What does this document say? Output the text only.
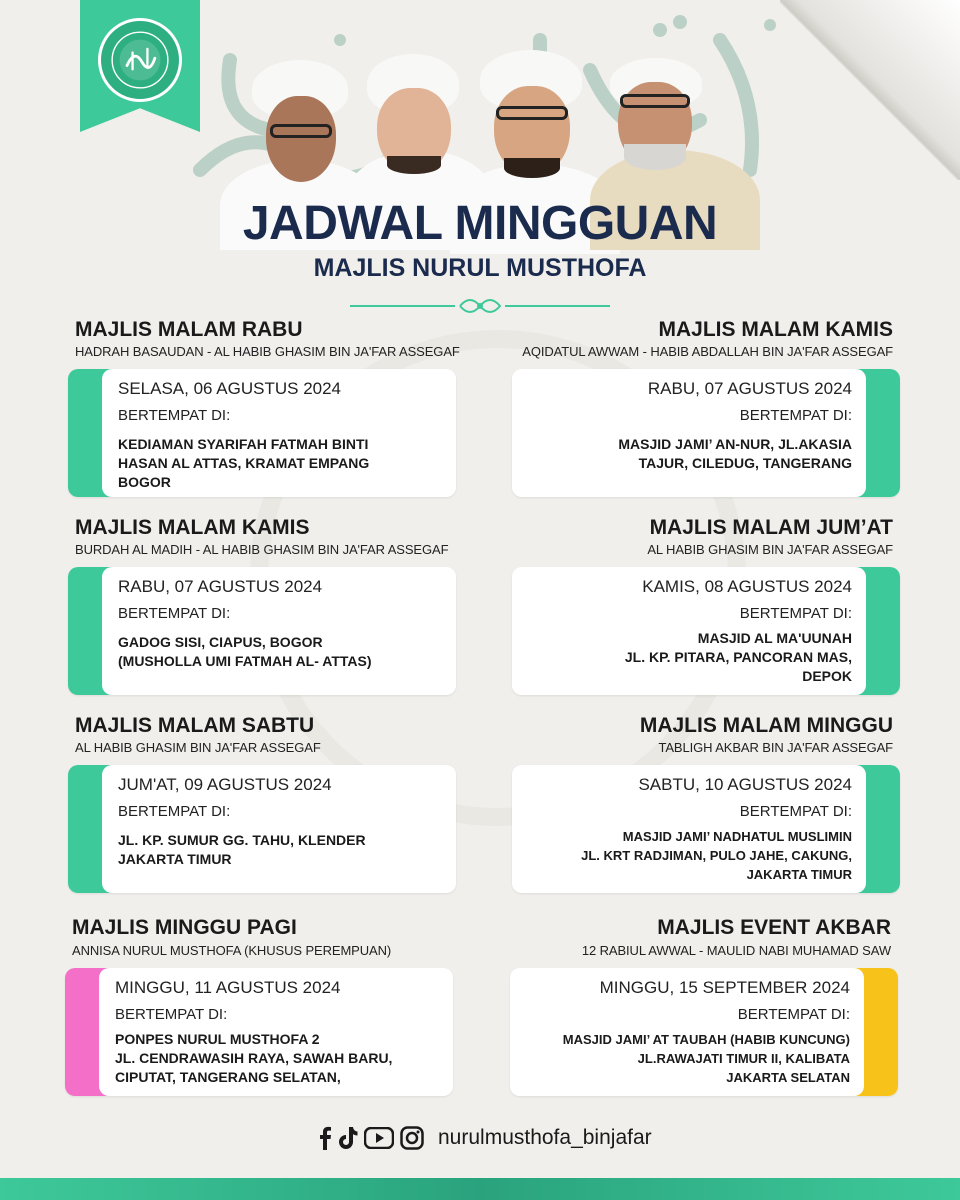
JADWAL MINGGUAN
MAJLIS NURUL MUSTHOFA
MAJLIS MALAM RABU
HADRAH BASAUDAN - AL HABIB GHASIM BIN JA'FAR ASSEGAF
SELASA, 06 AGUSTUS 2024
BERTEMPAT DI:
KEDIAMAN SYARIFAH FATMAH BINTI
HASAN AL ATTAS, KRAMAT EMPANG
BOGOR
MAJLIS MALAM KAMIS
AQIDATUL AWWAM - HABIB ABDALLAH BIN JA'FAR ASSEGAF
RABU, 07 AGUSTUS 2024
BERTEMPAT DI:
MASJID JAMI’ AN-NUR, JL.AKASIA
TAJUR, CILEDUG, TANGERANG
MAJLIS MALAM KAMIS
BURDAH AL MADIH - AL HABIB GHASIM BIN JA'FAR ASSEGAF
RABU, 07 AGUSTUS 2024
BERTEMPAT DI:
GADOG SISI, CIAPUS, BOGOR
(MUSHOLLA UMI FATMAH AL- ATTAS)
MAJLIS MALAM JUM’AT
AL HABIB GHASIM BIN JA'FAR ASSEGAF
KAMIS, 08 AGUSTUS 2024
BERTEMPAT DI:
MASJID AL MA'UUNAH
JL. KP. PITARA, PANCORAN MAS,
DEPOK
MAJLIS MALAM SABTU
AL HABIB GHASIM BIN JA'FAR ASSEGAF
JUM'AT, 09 AGUSTUS 2024
BERTEMPAT DI:
JL. KP. SUMUR GG. TAHU, KLENDER
JAKARTA TIMUR
MAJLIS MALAM MINGGU
TABLIGH AKBAR BIN JA'FAR ASSEGAF
SABTU, 10 AGUSTUS 2024
BERTEMPAT DI:
MASJID JAMI’ NADHATUL MUSLIMIN
JL. KRT RADJIMAN, PULO JAHE, CAKUNG,
JAKARTA TIMUR
MAJLIS MINGGU PAGI
ANNISA NURUL MUSTHOFA (KHUSUS PEREMPUAN)
MINGGU, 11 AGUSTUS 2024
BERTEMPAT DI:
PONPES NURUL MUSTHOFA 2
JL. CENDRAWASIH RAYA, SAWAH BARU,
CIPUTAT, TANGERANG SELATAN,
MAJLIS EVENT AKBAR
12 RABIUL AWWAL - MAULID NABI MUHAMAD SAW
MINGGU, 15 SEPTEMBER 2024
BERTEMPAT DI:
MASJID JAMI’ AT TAUBAH (HABIB KUNCUNG)
JL.RAWAJATI TIMUR II, KALIBATA
JAKARTA SELATAN
nurulmusthofa_binjafar
